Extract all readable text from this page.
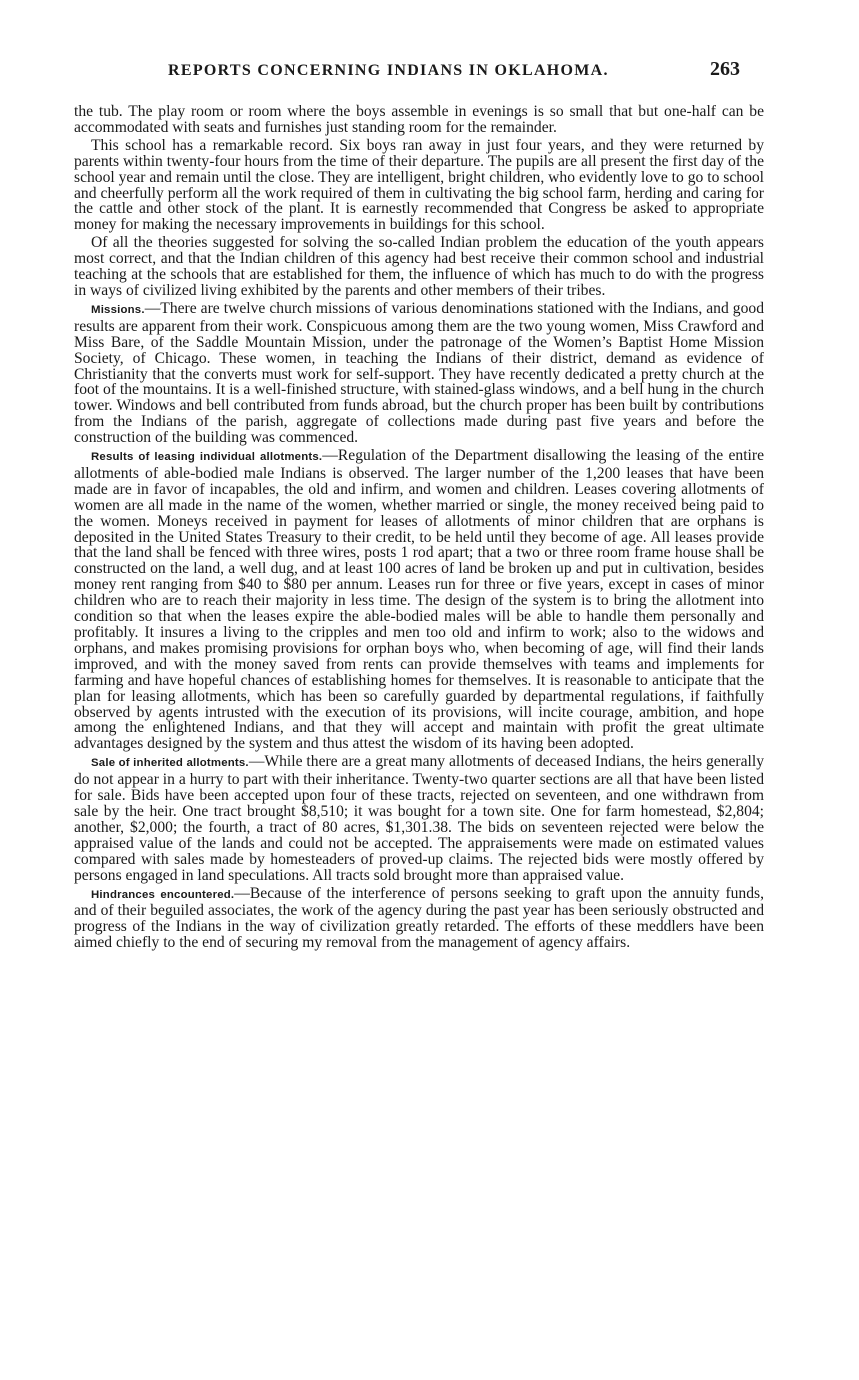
REPORTS CONCERNING INDIANS IN OKLAHOMA.	263

the tub. The play room or room where the boys assemble in evenings is so small that but one-half can be accommodated with seats and furnishes just standing room for the remainder.

This school has a remarkable record. Six boys ran away in just four years, and they were returned by parents within twenty-four hours from the time of their departure. The pupils are all present the first day of the school year and remain until the close. They are intelligent, bright children, who evidently love to go to school and cheerfully perform all the work required of them in cultivating the big school farm, herding and caring for the cattle and other stock of the plant. It is earnestly recommended that Congress be asked to appropriate money for making the necessary improvements in buildings for this school.

Of all the theories suggested for solving the so-called Indian problem the education of the youth appears most correct, and that the Indian children of this agency had best receive their common school and industrial teaching at the schools that are established for them, the influence of which has much to do with the progress in ways of civilized living exhibited by the parents and other members of their tribes.

Missions.—There are twelve church missions of various denominations stationed with the Indians, and good results are apparent from their work. Conspicuous among them are the two young women, Miss Crawford and Miss Bare, of the Saddle Mountain Mission, under the patronage of the Women’s Baptist Home Mission Society, of Chicago. These women, in teaching the Indians of their district, demand as evidence of Christianity that the converts must work for self-support. They have recently dedicated a pretty church at the foot of the mountains. It is a well-finished structure, with stained-glass windows, and a bell hung in the church tower. Windows and bell contributed from funds abroad, but the church proper has been built by contributions from the Indians of the parish, aggregate of collections made during past five years and before the construction of the building was commenced.

Results of leasing individual allotments.—Regulation of the Department disallowing the leasing of the entire allotments of able-bodied male Indians is observed. The larger number of the 1,200 leases that have been made are in favor of incapables, the old and infirm, and women and children. Leases covering allotments of women are all made in the name of the women, whether married or single, the money received being paid to the women. Moneys received in payment for leases of allotments of minor children that are orphans is deposited in the United States Treasury to their credit, to be held until they become of age. All leases provide that the land shall be fenced with three wires, posts 1 rod apart; that a two or three room frame house shall be constructed on the land, a well dug, and at least 100 acres of land be broken up and put in cultivation, besides money rent ranging from $40 to $80 per annum. Leases run for three or five years, except in cases of minor children who are to reach their majority in less time. The design of the system is to bring the allotment into condition so that when the leases expire the able-bodied males will be able to handle them personally and profitably. It insures a living to the cripples and men too old and infirm to work; also to the widows and orphans, and makes promising provisions for orphan boys who, when becoming of age, will find their lands improved, and with the money saved from rents can provide themselves with teams and implements for farming and have hopeful chances of establishing homes for themselves. It is reasonable to anticipate that the plan for leasing allotments, which has been so carefully guarded by departmental regulations, if faithfully observed by agents intrusted with the execution of its provisions, will incite courage, ambition, and hope among the enlightened Indians, and that they will accept and maintain with profit the great ultimate advantages designed by the system and thus attest the wisdom of its having been adopted.

Sale of inherited allotments.—While there are a great many allotments of deceased Indians, the heirs generally do not appear in a hurry to part with their inheritance. Twenty-two quarter sections are all that have been listed for sale. Bids have been accepted upon four of these tracts, rejected on seventeen, and one withdrawn from sale by the heir. One tract brought $8,510; it was bought for a town site. One for farm homestead, $2,804; another, $2,000; the fourth, a tract of 80 acres, $1,301.38. The bids on seventeen rejected were below the appraised value of the lands and could not be accepted. The appraisements were made on estimated values compared with sales made by homesteaders of proved-up claims. The rejected bids were mostly offered by persons engaged in land speculations. All tracts sold brought more than appraised value.

Hindrances encountered.—Because of the interference of persons seeking to graft upon the annuity funds, and of their beguiled associates, the work of the agency during the past year has been seriously obstructed and progress of the Indians in the way of civilization greatly retarded. The efforts of these meddlers have been aimed chiefly to the end of securing my removal from the management of agency affairs.
